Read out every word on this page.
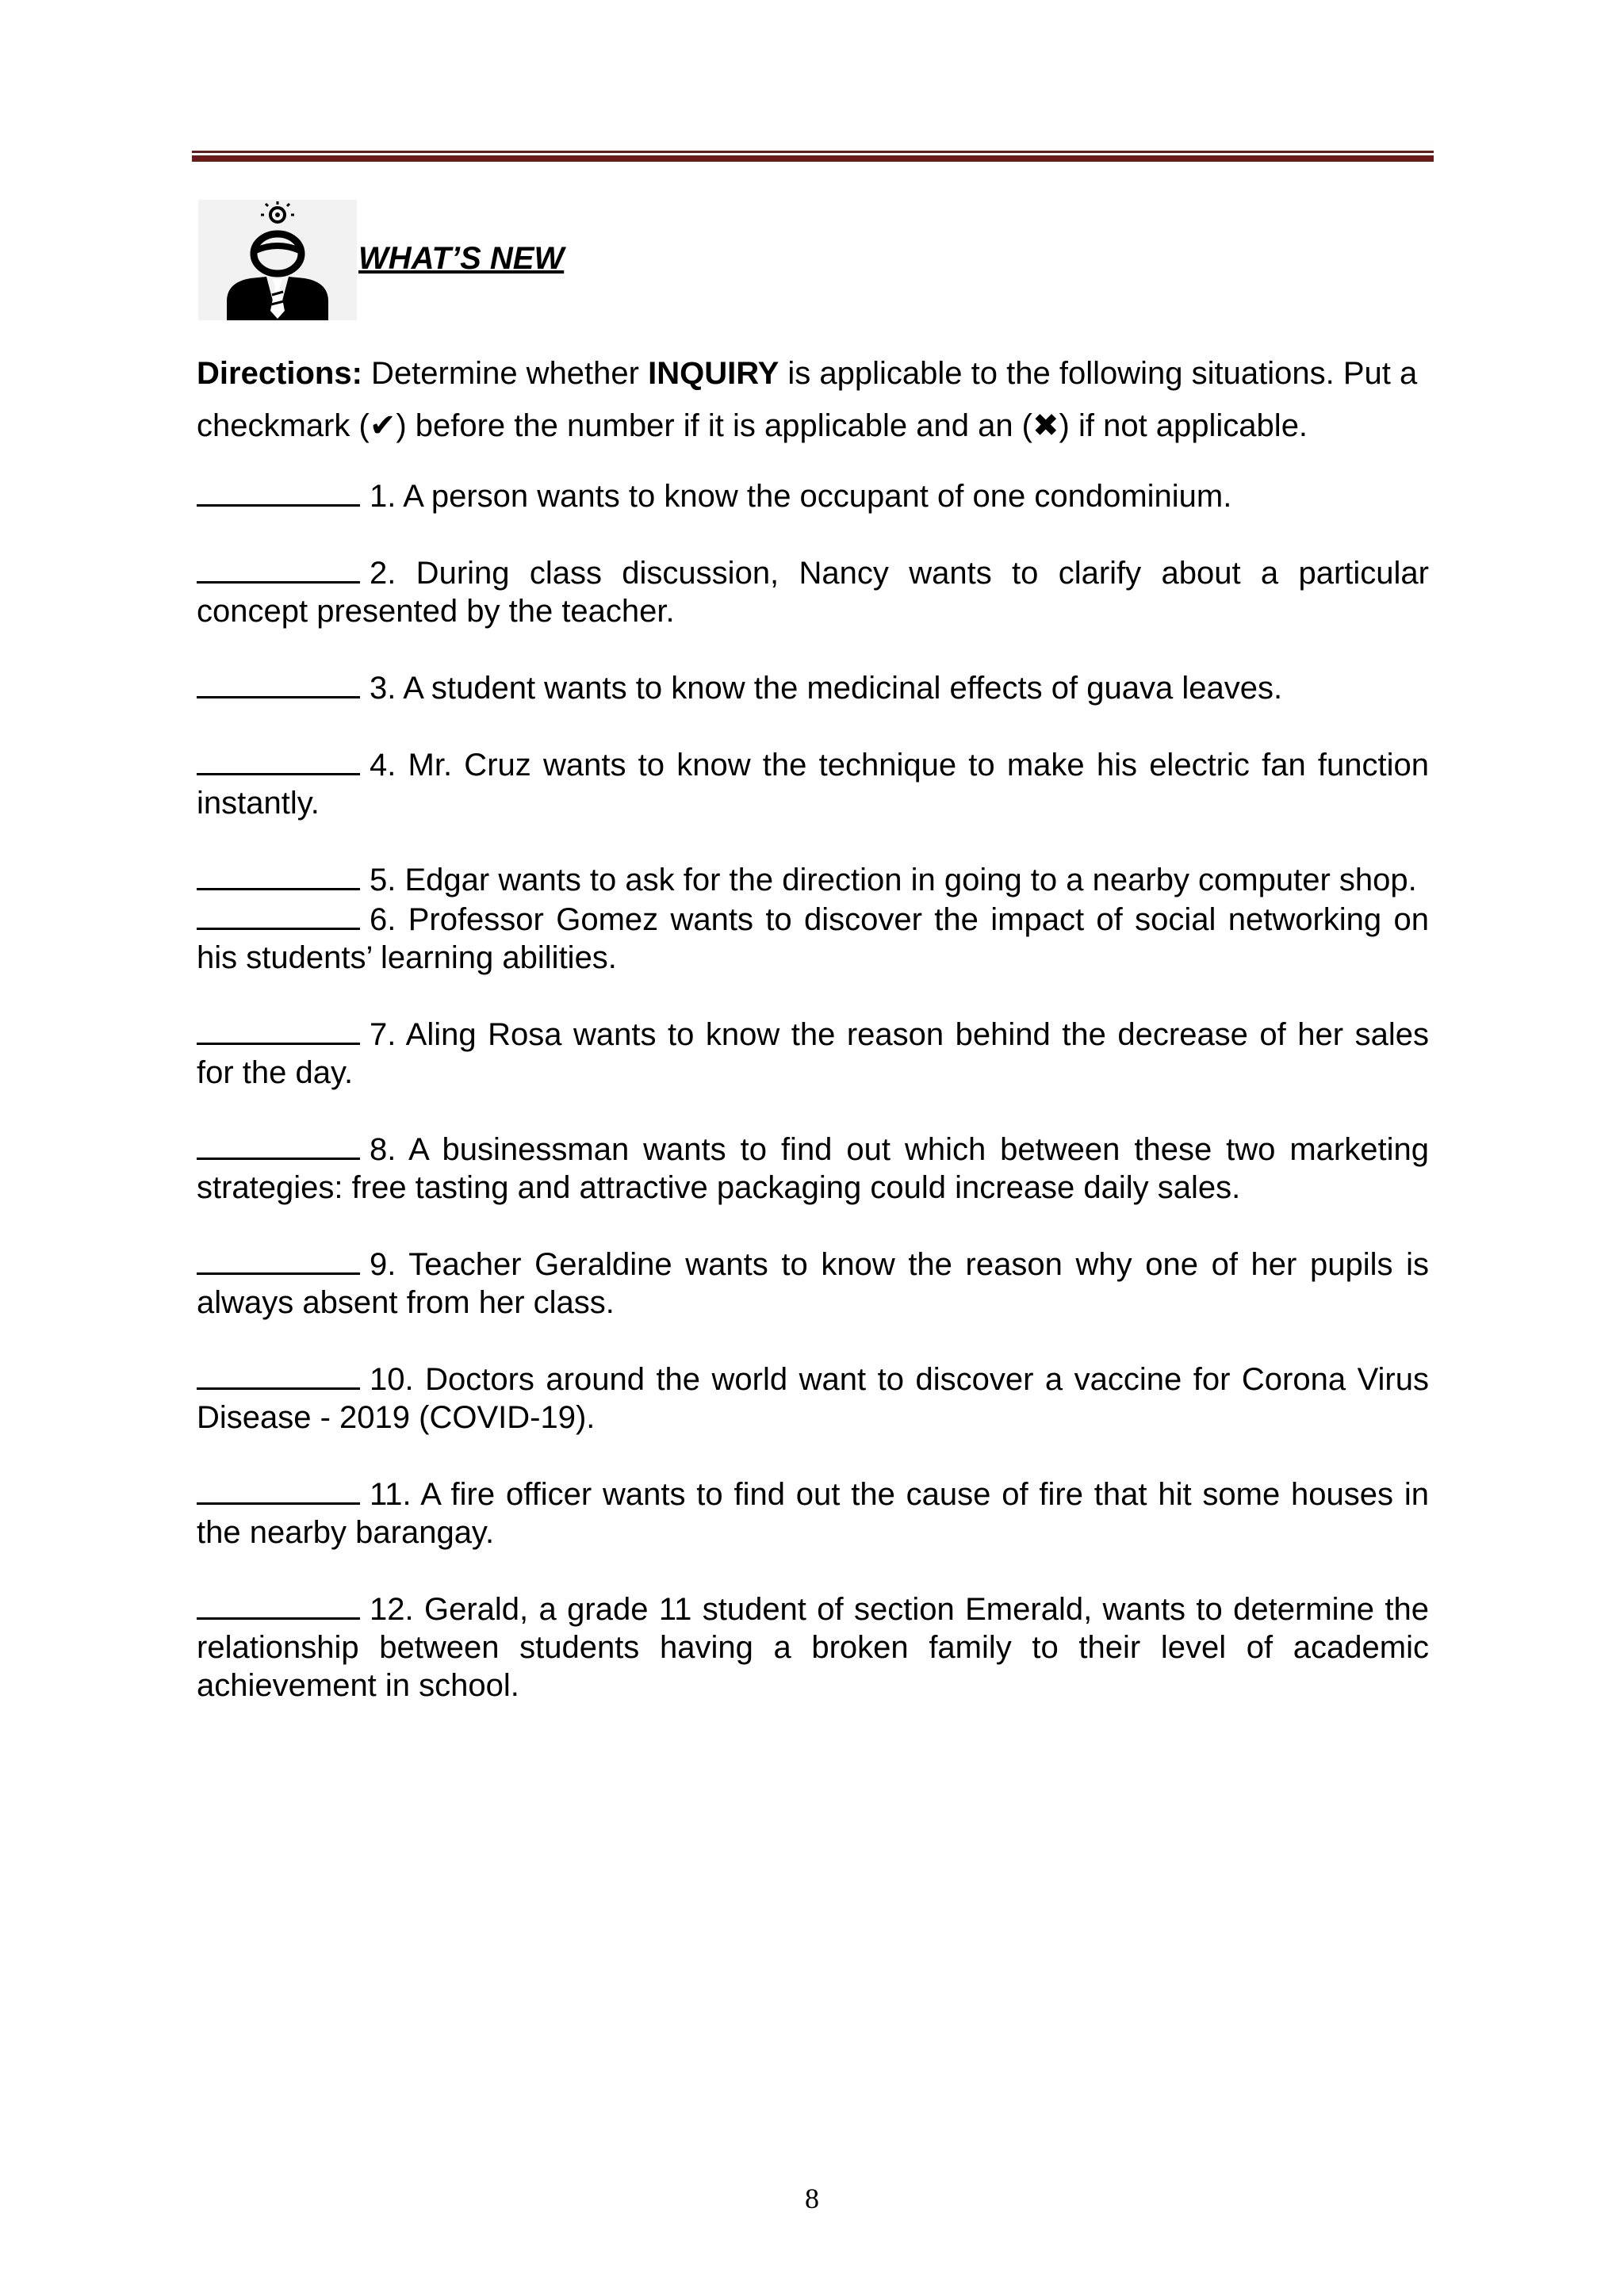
WHAT’S NEW
Directions: Determine whether INQUIRY is applicable to the following situations. Put a checkmark (✔) before the number if it is applicable and an (✖) if not applicable.
1. A person wants to know the occupant of one condominium.
2. During class discussion, Nancy wants to clarify about a particular concept presented by the teacher.
3. A student wants to know the medicinal effects of guava leaves.
4. Mr. Cruz wants to know the technique to make his electric fan function instantly.
5. Edgar wants to ask for the direction in going to a nearby computer shop.
6. Professor Gomez wants to discover the impact of social networking on his students’ learning abilities.
7. Aling Rosa wants to know the reason behind the decrease of her sales for the day.
8. A businessman wants to find out which between these two marketing strategies: free tasting and attractive packaging could increase daily sales.
9. Teacher Geraldine wants to know the reason why one of her pupils is always absent from her class.
10. Doctors around the world want to discover a vaccine for Corona Virus Disease - 2019 (COVID-19).
11. A fire officer wants to find out the cause of fire that hit some houses in the nearby barangay.
12. Gerald, a grade 11 student of section Emerald, wants to determine the relationship between students having a broken family to their level of academic achievement in school.
8
